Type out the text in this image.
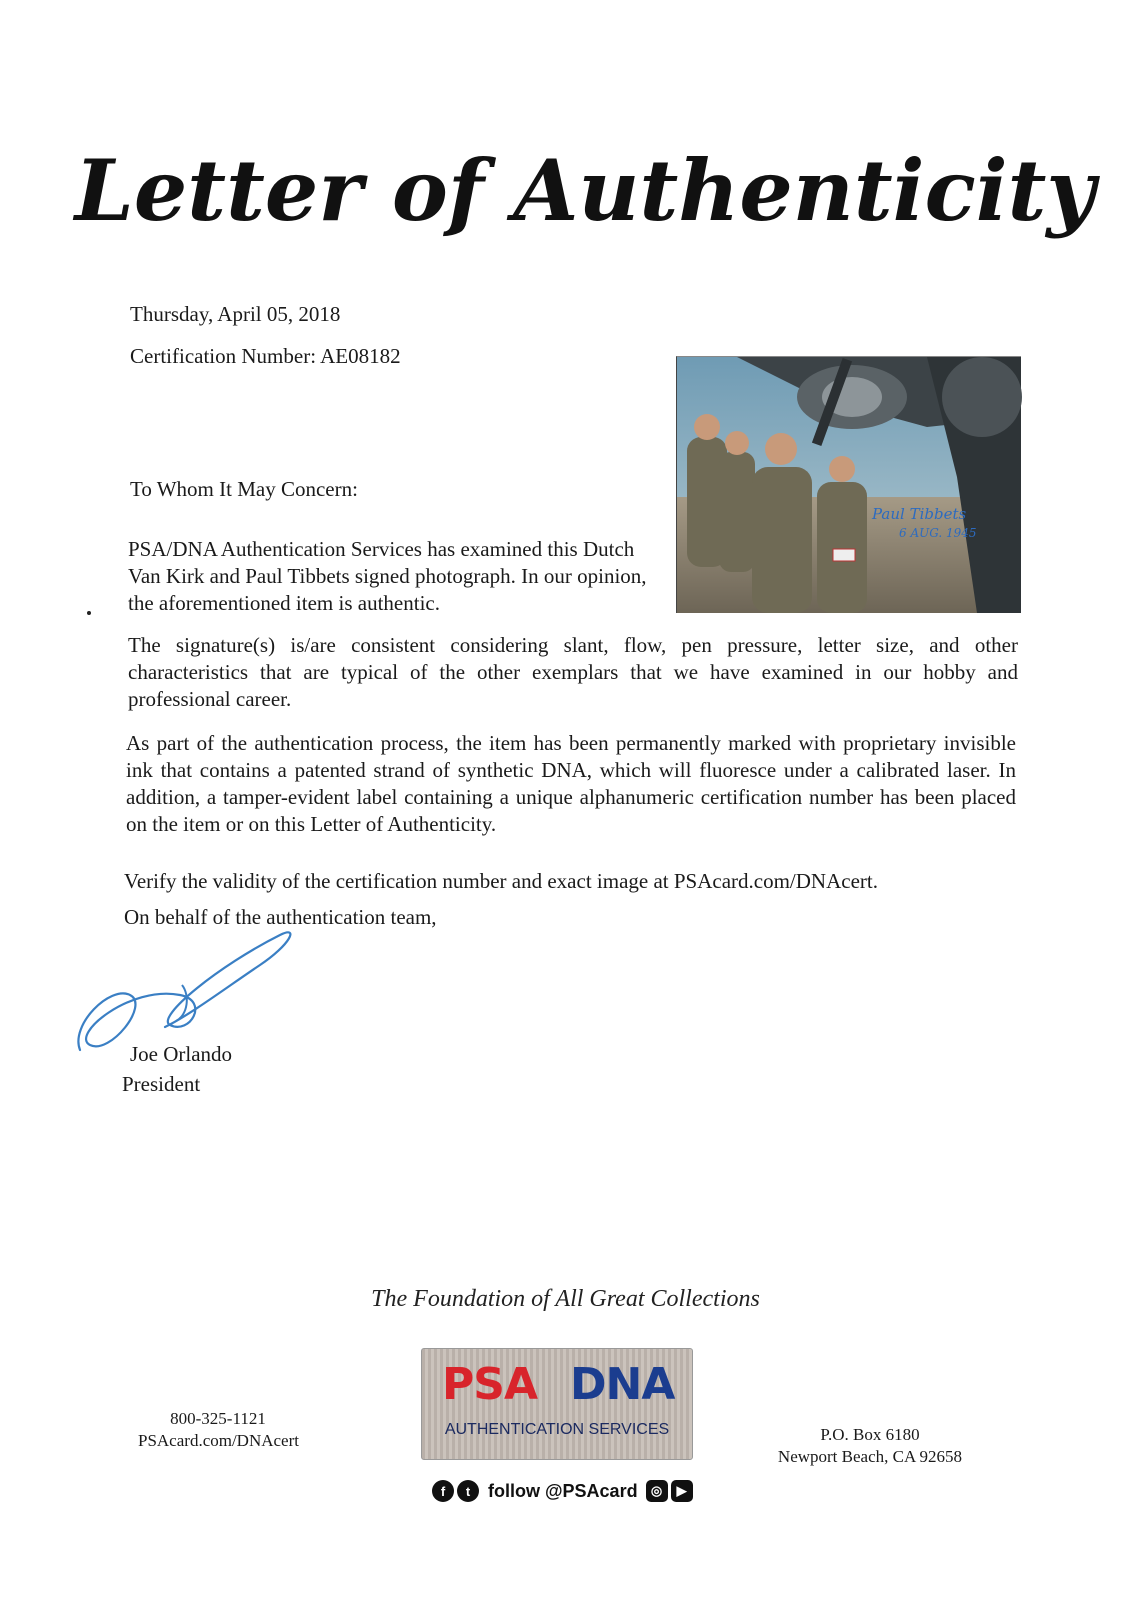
Letter of Authenticity
Thursday, April 05, 2018
Certification Number: AE08182
To Whom It May Concern:
PSA/DNA Authentication Services has examined this Dutch Van Kirk and Paul Tibbets signed photograph. In our opinion, the aforementioned item is authentic.
The signature(s) is/are consistent considering slant, flow, pen pressure, letter size, and other characteristics that are typical of the other exemplars that we have examined in our hobby and professional career.
As part of the authentication process, the item has been permanently marked with proprietary invisible ink that contains a patented strand of synthetic DNA, which will fluoresce under a calibrated laser. In addition, a tamper-evident label containing a unique alphanumeric certification number has been placed on the item or on this Letter of Authenticity.
Verify the validity of the certification number and exact image at PSAcard.com/DNAcert.
On behalf of the authentication team,
Paul Tibbets
6 AUG. 1945
Joe Orlando
President
The Foundation of All Great Collections
800-325-1121
PSAcard.com/DNAcert
PSA DNA
AUTHENTICATION SERVICES
f	t follow @PSAcard	◎	▶
P.O. Box 6180
Newport Beach, CA 92658
